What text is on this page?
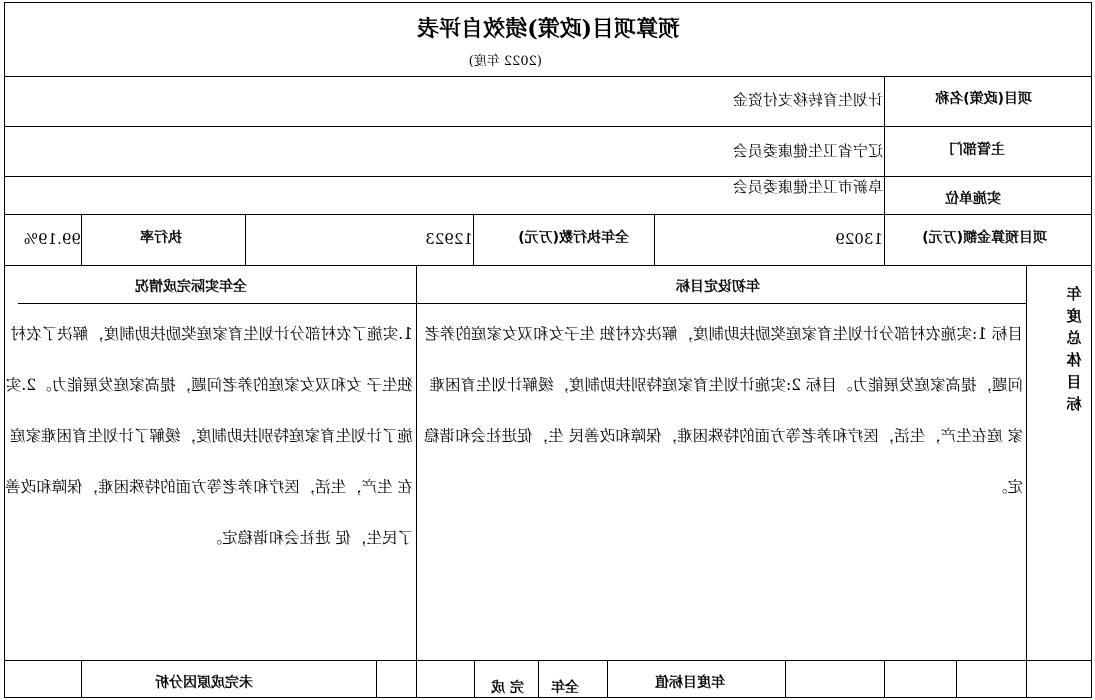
预算项目(政策)绩效自评表
(2022 年度)
项目(政策)名称
计划生育转移支付资金
主管部门
辽宁省卫生健康委员会
实施单位
阜新市卫生健康委员会
项目预算金额(万元)
13029
全年执行数(万元)
12923
执行率
99.19%
年度总体目标
年初设定目标
全年实际完成情况
目标 1:实施农村部分计划生育家庭奖励扶助制度，解决农村独 生子女和双女家庭的养老问题，提高家庭发展能力。目标 2:实施计划生育家庭特别扶助制度，缓解计划生育困难家 庭在生产，生活，医疗和养老等方面的特殊困难，保障和改善民 生，促进社会和谐稳定。
1.实施了农村部分计划生育家庭奖励扶助制度，解决了农村独生子 女和双女家庭的养老问题，提高家庭发展能力。2.实施了计划生育家庭特别扶助制度，缓解了计划生育困难家庭在 生产，生活，医疗和养老等方面的特殊困难，保障和改善了民生，促 进社会和谐稳定。
年度目标值
全年
完 成
未完成原因分析
